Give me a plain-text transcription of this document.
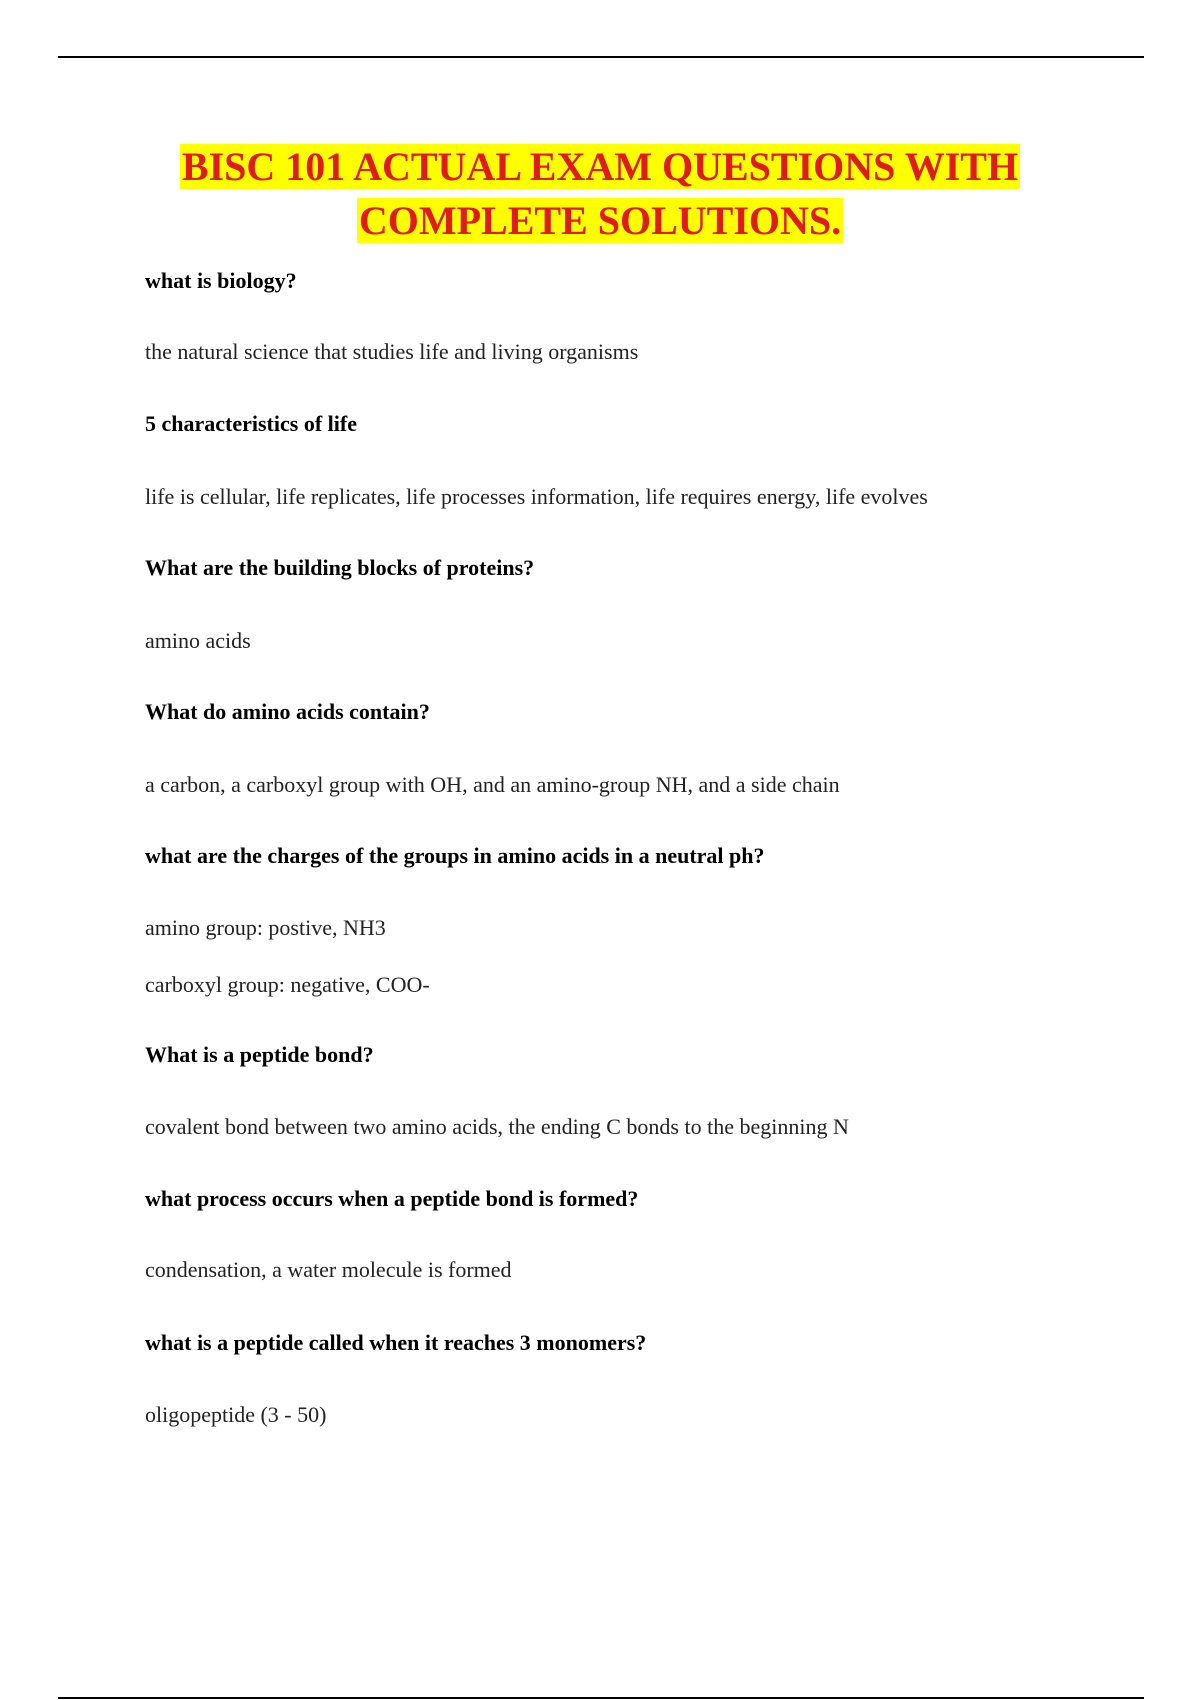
BISC 101 ACTUAL EXAM QUESTIONS WITH
COMPLETE SOLUTIONS.

what is biology?

the natural science that studies life and living organisms

5 characteristics of life

life is cellular, life replicates, life processes information, life requires energy, life evolves

What are the building blocks of proteins?

amino acids

What do amino acids contain?

a carbon, a carboxyl group with OH, and an amino-group NH, and a side chain

what are the charges of the groups in amino acids in a neutral ph?

amino group: postive, NH3

carboxyl group: negative, COO-

What is a peptide bond?

covalent bond between two amino acids, the ending C bonds to the beginning N

what process occurs when a peptide bond is formed?

condensation, a water molecule is formed

what is a peptide called when it reaches 3 monomers?

oligopeptide (3 - 50)
